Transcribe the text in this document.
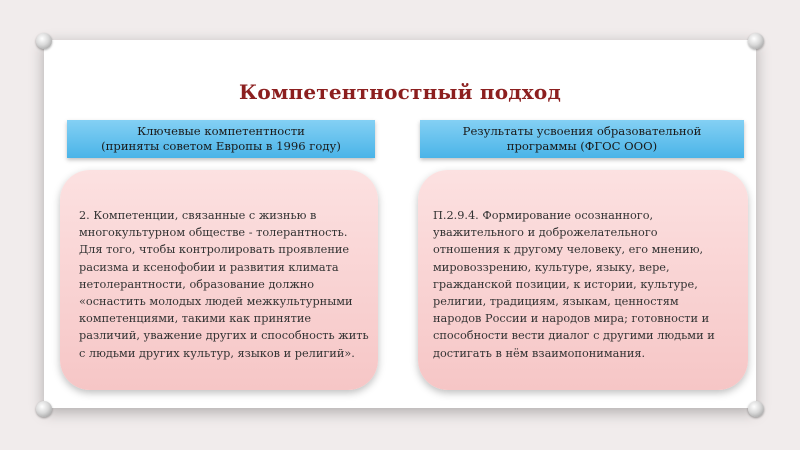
Компетентностный подход
Ключевые компетентности
(приняты советом Европы в 1996 году)
Результаты усвоения образовательной
программы (ФГОС ООО)
2. Компетенции, связанные с жизнью в
многокультурном обществе - толерантность.
Для того, чтобы контролировать проявление
расизма и ксенофобии и развития климата
нетолерантности, образование должно
«оснастить молодых людей межкультурными
компетенциями, такими как принятие
различий, уважение других и способность жить
с людьми других культур, языков и религий».
П.2.9.4. Формирование осознанного,
уважительного и доброжелательного
отношения к другому человеку, его мнению,
мировоззрению, культуре, языку, вере,
гражданской позиции, к истории, культуре,
религии, традициям, языкам, ценностям
народов России и народов мира; готовности и
способности вести диалог с другими людьми и
достигать в нём взаимопонимания.
